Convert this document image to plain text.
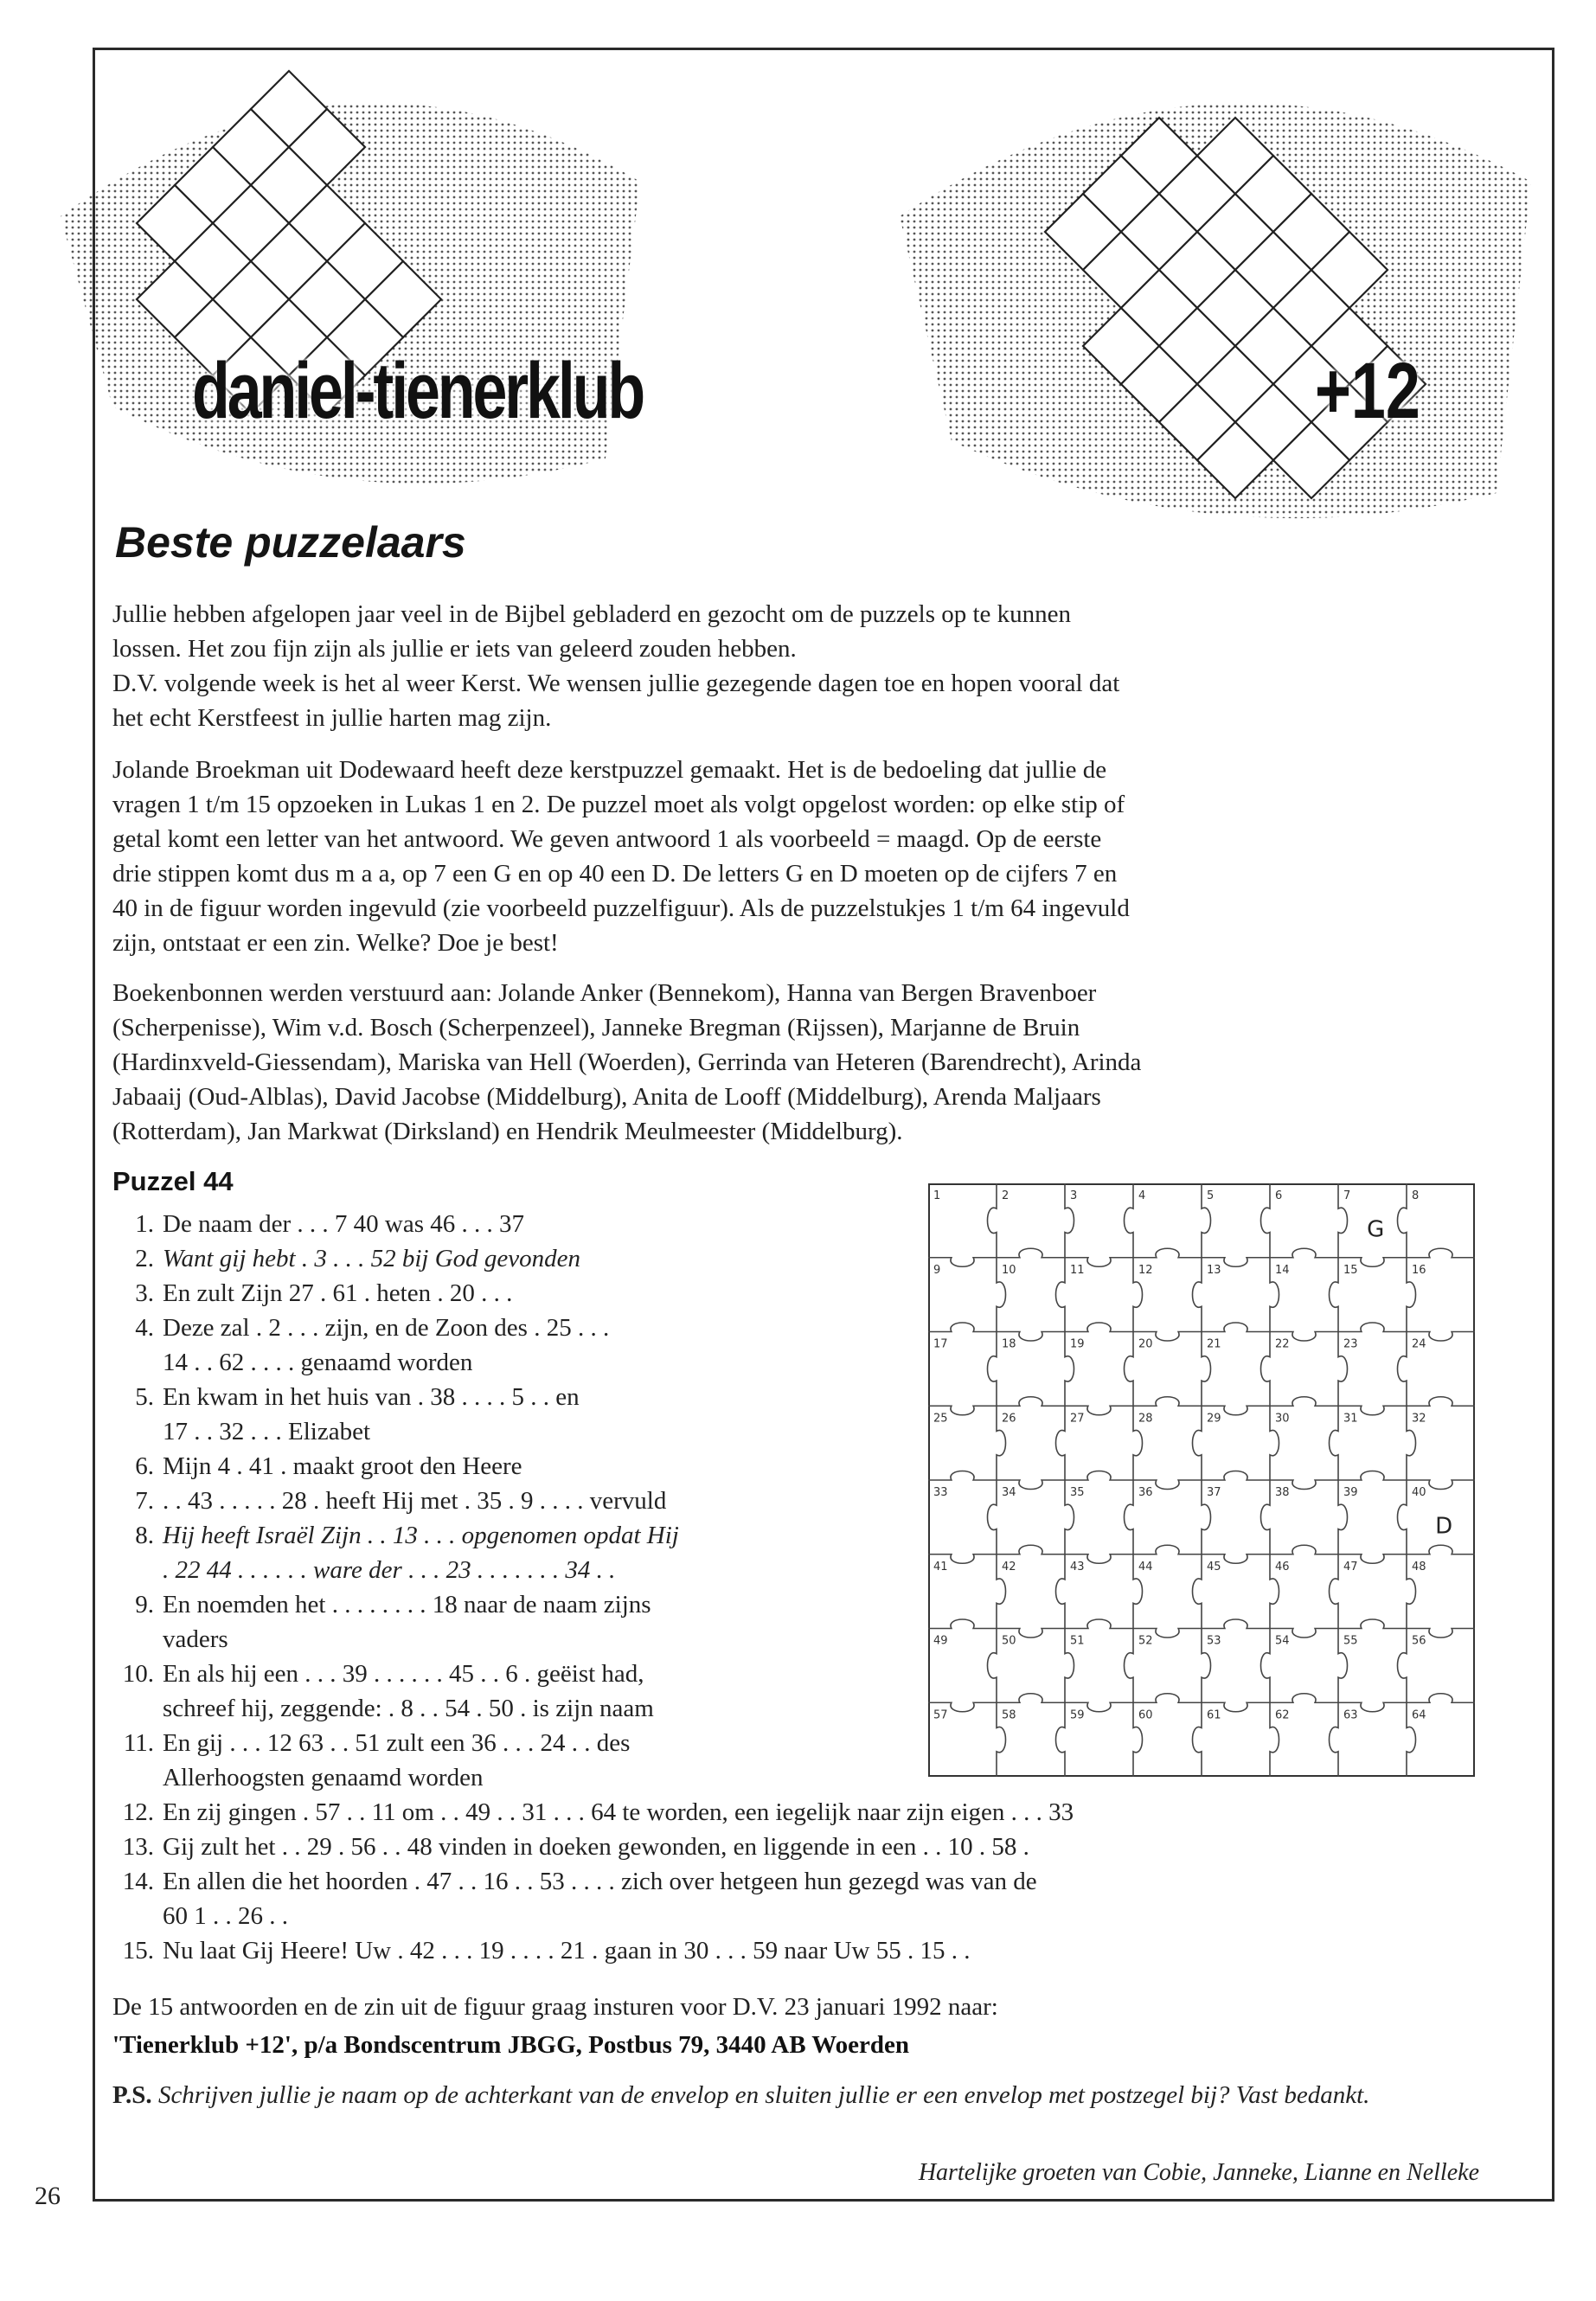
daniel-tienerklub	+12
Beste puzzelaars

Jullie hebben afgelopen jaar veel in de Bijbel gebladerd en gezocht om de puzzels op te kunnen
lossen. Het zou fijn zijn als jullie er iets van geleerd zouden hebben.
D.V. volgende week is het al weer Kerst. We wensen jullie gezegende dagen toe en hopen vooral dat
het echt Kerstfeest in jullie harten mag zijn.

Jolande Broekman uit Dodewaard heeft deze kerstpuzzel gemaakt. Het is de bedoeling dat jullie de
vragen 1 t/m 15 opzoeken in Lukas 1 en 2. De puzzel moet als volgt opgelost worden: op elke stip of
getal komt een letter van het antwoord. We geven antwoord 1 als voorbeeld = maagd. Op de eerste
drie stippen komt dus m a a, op 7 een G en op 40 een D. De letters G en D moeten op de cijfers 7 en
40 in de figuur worden ingevuld (zie voorbeeld puzzelfiguur). Als de puzzelstukjes 1 t/m 64 ingevuld
zijn, ontstaat er een zin. Welke? Doe je best!

Boekenbonnen werden verstuurd aan: Jolande Anker (Bennekom), Hanna van Bergen Bravenboer
(Scherpenisse), Wim v.d. Bosch (Scherpenzeel), Janneke Bregman (Rijssen), Marjanne de Bruin
(Hardinxveld-Giessendam), Mariska van Hell (Woerden), Gerrinda van Heteren (Barendrecht), Arinda
Jabaaij (Oud-Alblas), David Jacobse (Middelburg), Anita de Looff (Middelburg), Arenda Maljaars
(Rotterdam), Jan Markwat (Dirksland) en Hendrik Meulmeester (Middelburg).

Puzzel 44
1. De naam der . . . 7 40 was 46 . . . 37
2. Want gij hebt . 3 . . . 52 bij God gevonden
3. En zult Zijn 27 . 61 . heten . 20 . . .
4. Deze zal . 2 . . . zijn, en de Zoon des . 25 . . .
14 . . 62 . . . . genaamd worden
5. En kwam in het huis van . 38 . . . . 5 . . en
17 . . 32 . . . Elizabet
6. Mijn 4 . 41 . maakt groot den Heere
7. . . 43 . . . . . 28 . heeft Hij met . 35 . 9 . . . . vervuld
8. Hij heeft Israël Zijn . . 13 . . . opgenomen opdat Hij
. 22 44 . . . . . . ware der . . . 23 . . . . . . . 34 . .
9. En noemden het . . . . . . . . 18 naar de naam zijns
vaders
10. En als hij een . . . 39 . . . . . . 45 . . 6 . geëist had,
schreef hij, zeggende: . 8 . . 54 . 50 . is zijn naam
11. En gij . . . 12 63 . . 51 zult een 36 . . . 24 . . des
Allerhoogsten genaamd worden
12. En zij gingen . 57 . . 11 om . . 49 . . 31 . . . 64 te worden, een iegelijk naar zijn eigen . . . 33
13. Gij zult het . . 29 . 56 . . 48 vinden in doeken gewonden, en liggende in een . . 10 . 58 .
14. En allen die het hoorden . 47 . . 16 . . 53 . . . . zich over hetgeen hun gezegd was van de
60 1 . . 26 . .
15. Nu laat Gij Heere! Uw . 42 . . . 19 . . . . 21 . gaan in 30 . . . 59 naar Uw 55 . 15 . .
1	2	3	4	5	6	7	8
9	10	11	12	13	14	15	16
17	18	19	20	21	22	23	24
25	26	27	28	29	30	31	32
33	34	35	36	37	38	39	40
41	42	43	44	45	46	47	48
49	50	51	52	53	54	55	56
57	58	59	60	61	62	63	64
G
D

De 15 antwoorden en de zin uit de figuur graag insturen voor D.V. 23 januari 1992 naar:

'Tienerklub +12', p/a Bondscentrum JBGG, Postbus 79, 3440 AB Woerden

P.S. Schrijven jullie je naam op de achterkant van de envelop en sluiten jullie er een envelop met postzegel bij? Vast bedankt.

Hartelijke groeten van Cobie, Janneke, Lianne en Nelleke

26
